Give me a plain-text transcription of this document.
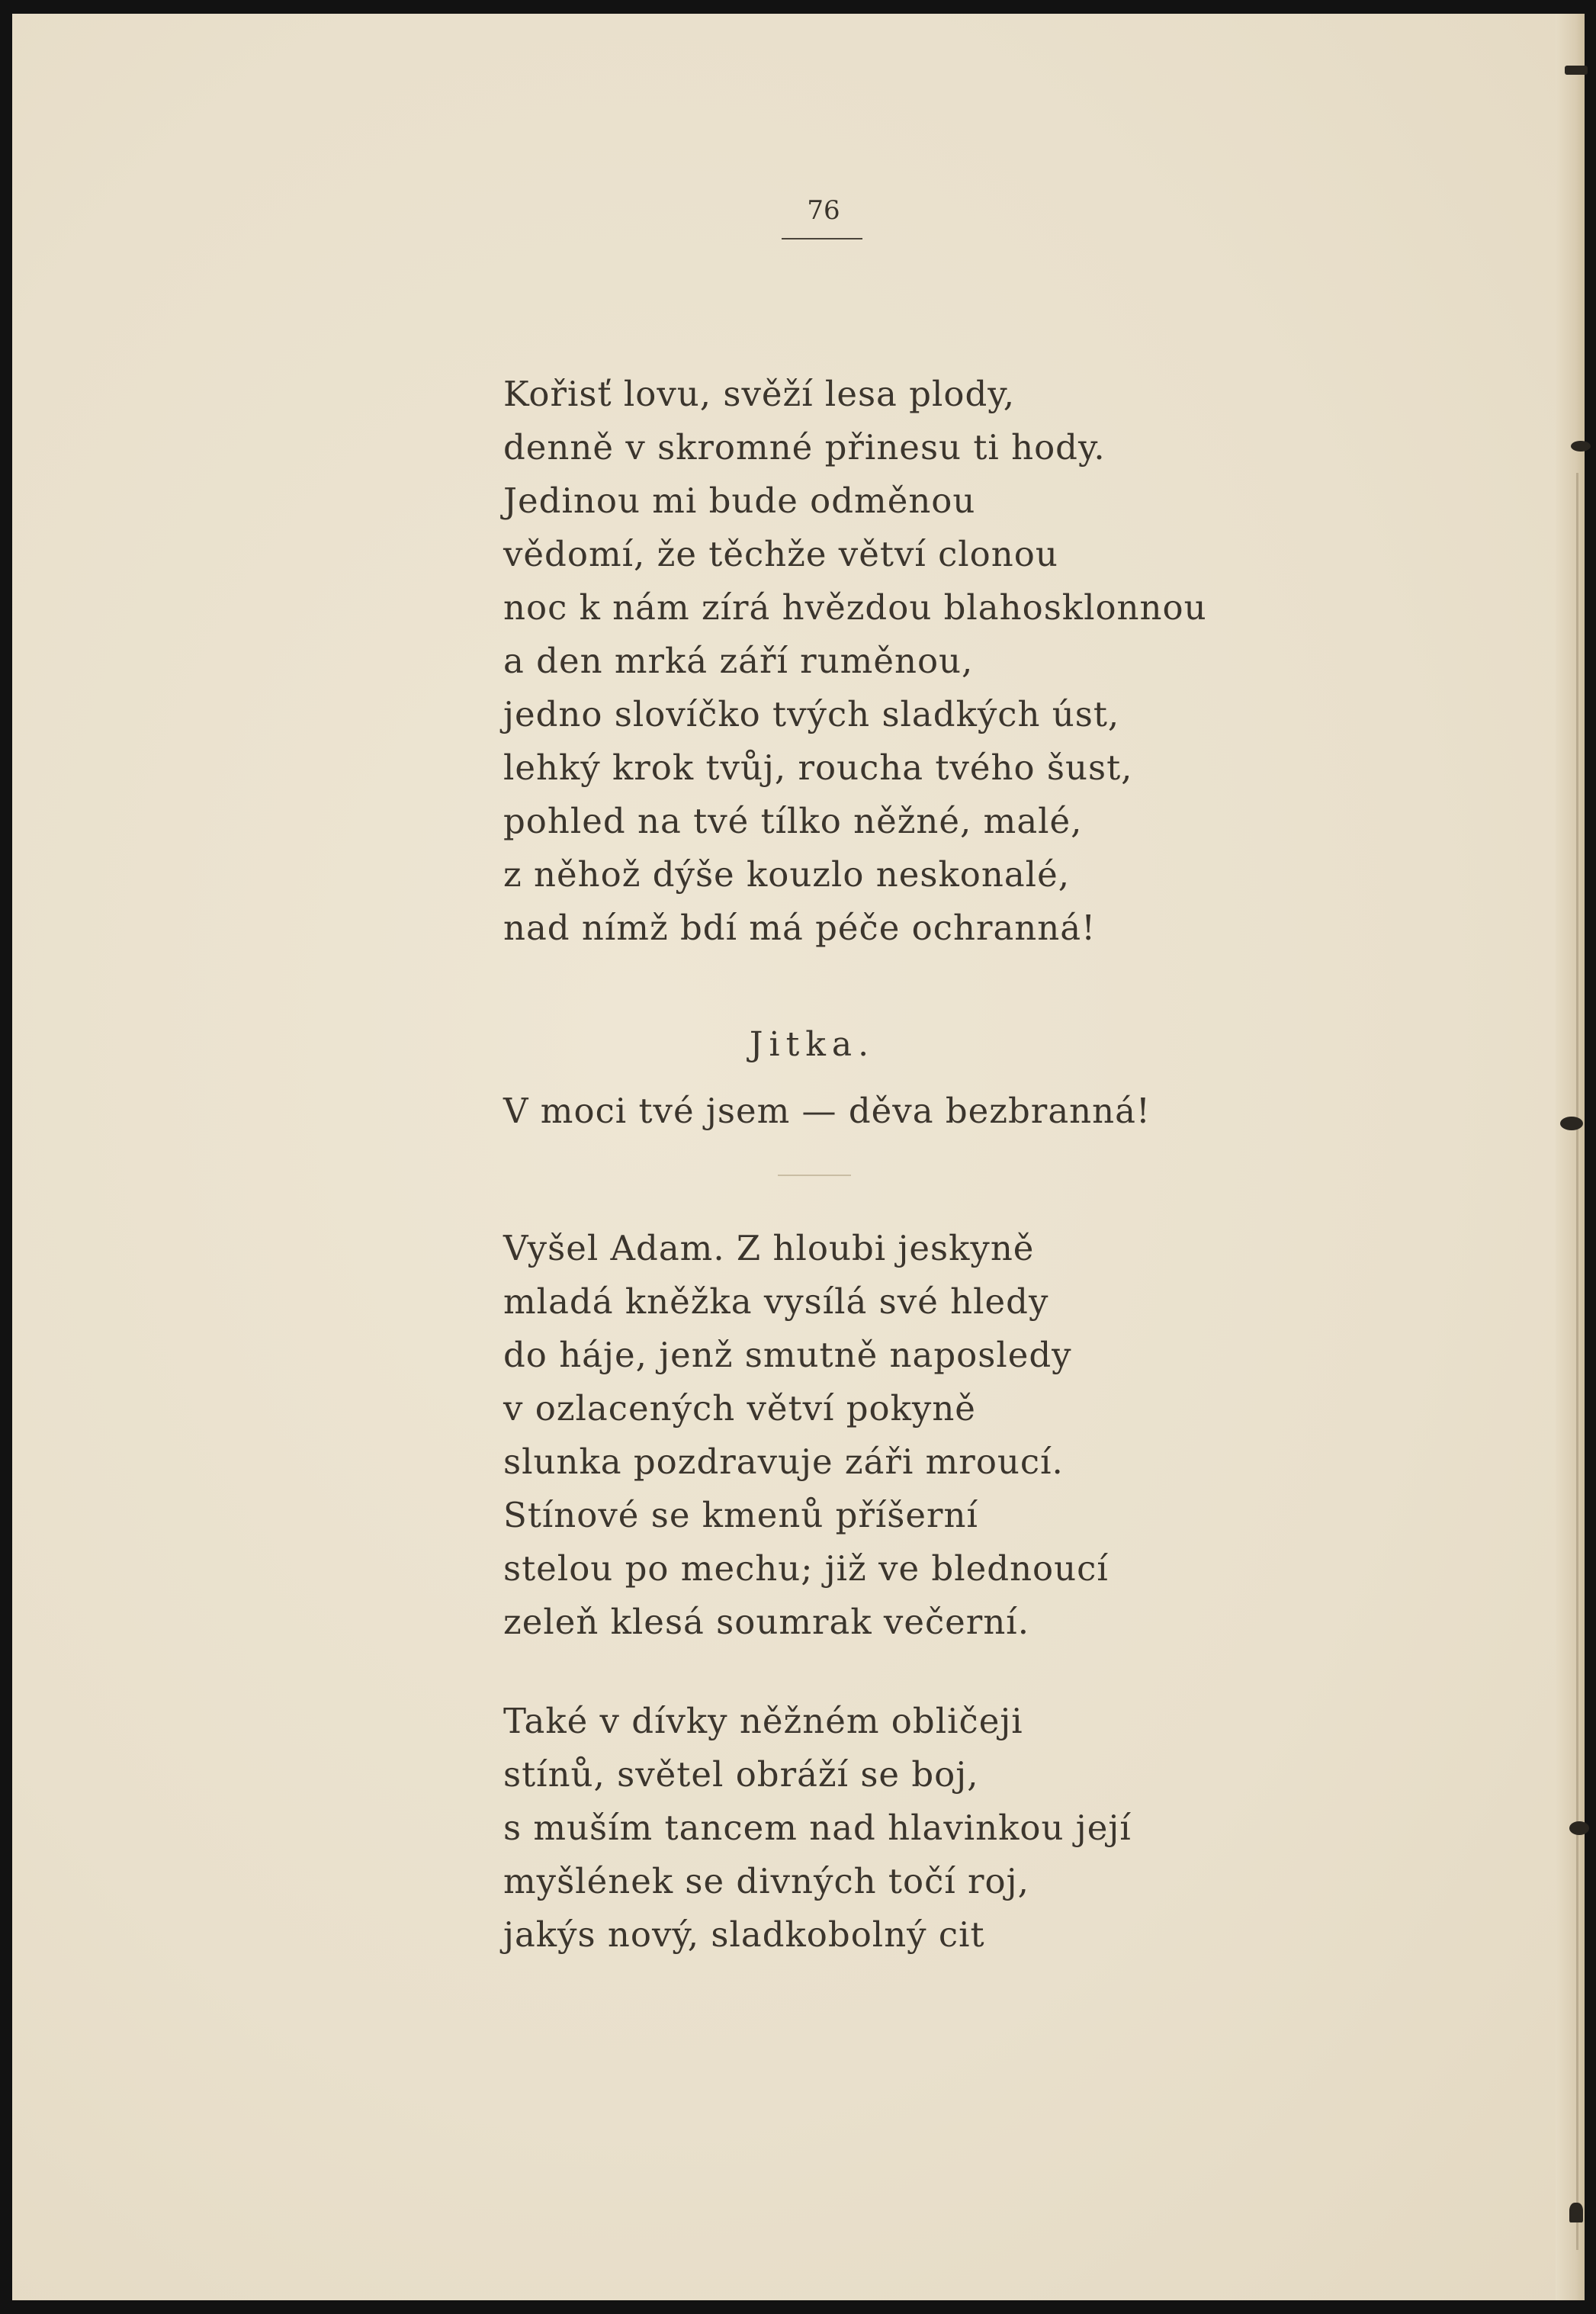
76
Kořisť lovu, svěží lesa plody,
denně v skromné přinesu ti hody.
Jedinou mi bude odměnou
vědomí, že těchže větví clonou
noc k nám zírá hvězdou blahosklonnou
a den mrká září ruměnou,
jedno slovíčko tvých sladkých úst,
lehký krok tvůj, roucha tvého šust,
pohled na tvé tílko něžné, malé,
z něhož dýše kouzlo neskonalé,
nad nímž bdí má péče ochranná!
Jitka.
V moci tvé jsem — děva bezbranná!
Vyšel Adam. Z hloubi jeskyně
mladá kněžka vysílá své hledy
do háje, jenž smutně naposledy
v ozlacených větví pokyně
slunka pozdravuje záři mroucí.
Stínové se kmenů příšerní
stelou po mechu; již ve blednoucí
zeleň klesá soumrak večerní.
Také v dívky něžném obličeji
stínů, světel obráží se boj,
s muším tancem nad hlavinkou její
myšlének se divných točí roj,
jakýs nový, sladkobolný cit
